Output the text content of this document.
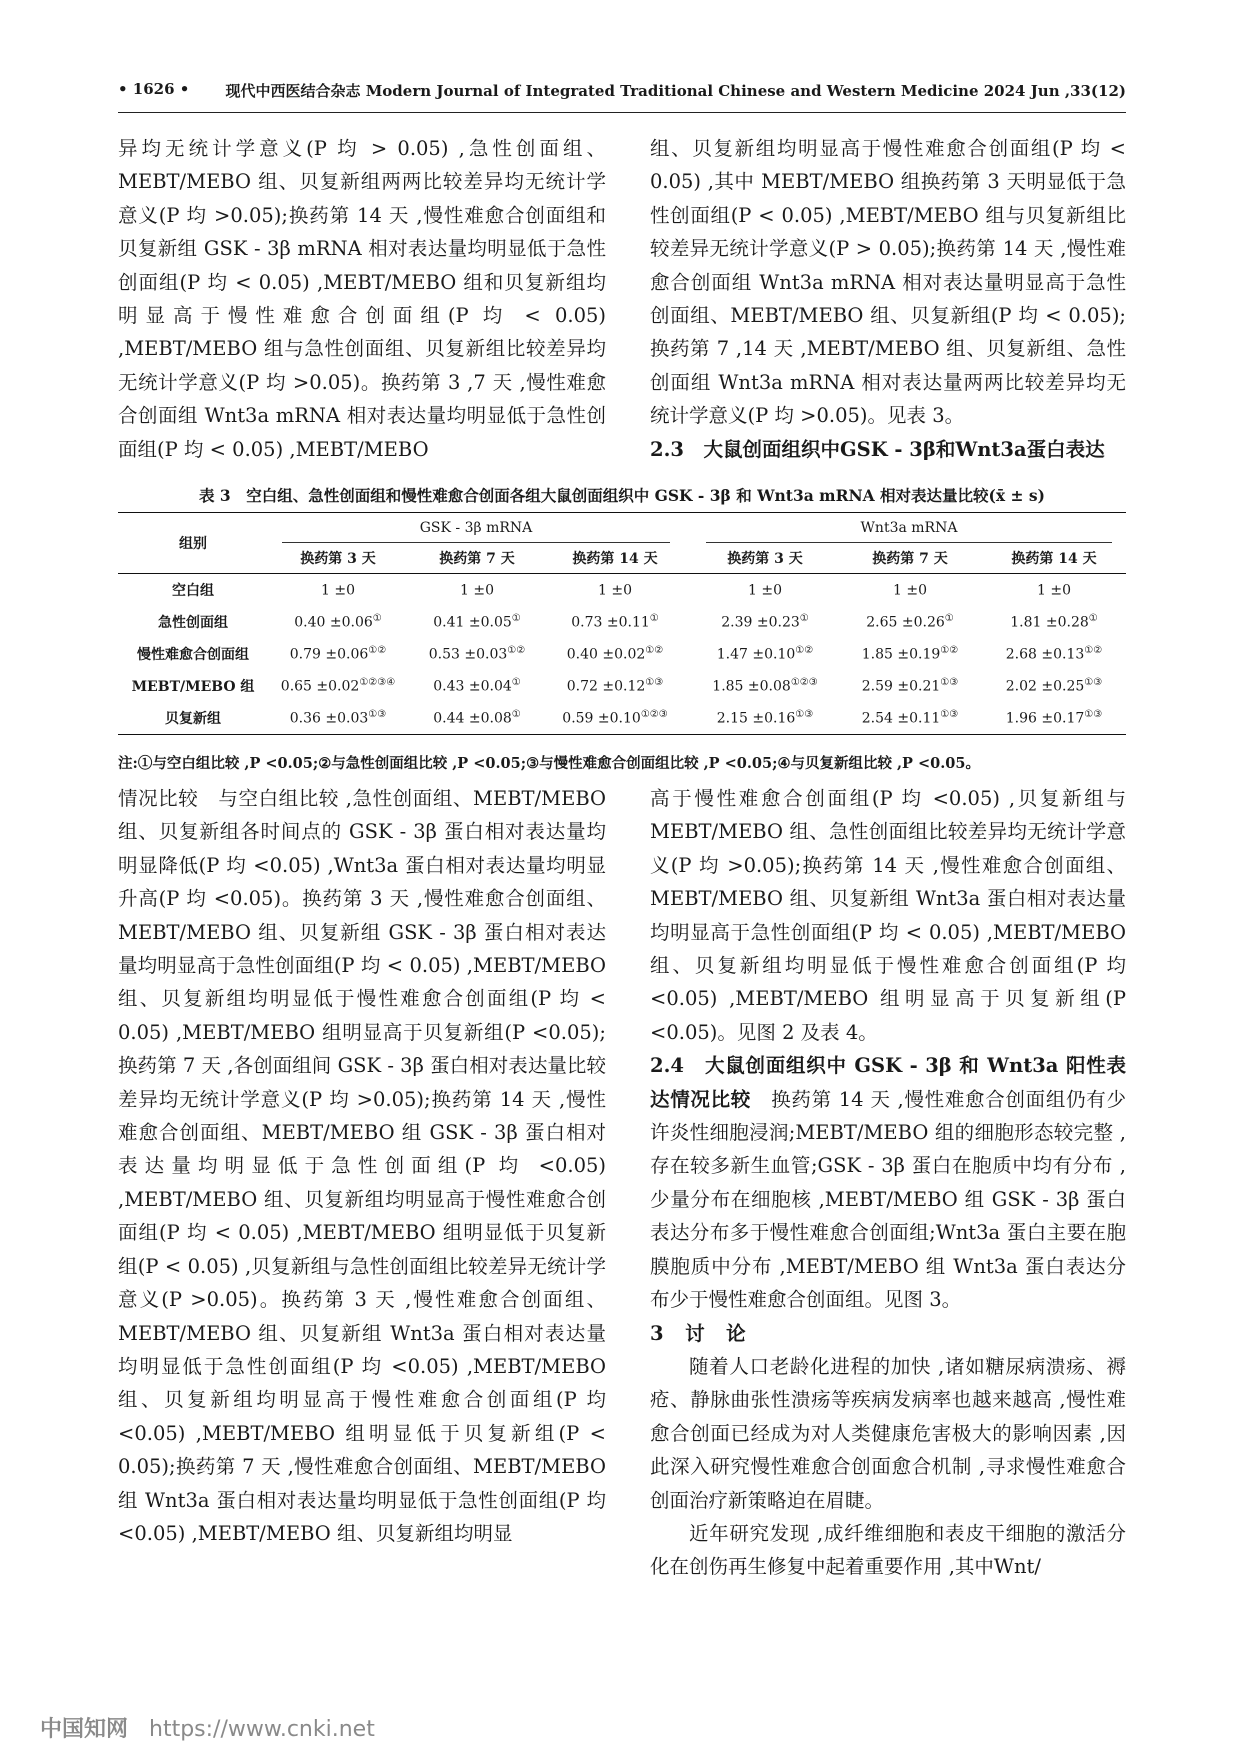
• 1626 • 现代中西医结合杂志 Modern Journal of Integrated Traditional Chinese and Western Medicine 2024 Jun ,33(12)

异均无统计学意义(P 均 > 0.05) ,急性创面组、MEBT/MEBO 组、贝复新组两两比较差异均无统计学意义(P 均 >0.05);换药第 14 天 ,慢性难愈合创面组和贝复新组 GSK - 3β mRNA 相对表达量均明显低于急性创面组(P 均 < 0.05) ,MEBT/MEBO 组和贝复新组均明显高于慢性难愈合创面组(P 均 < 0.05) ,MEBT/MEBO 组与急性创面组、贝复新组比较差异均无统计学意义(P 均 >0.05)。换药第 3 ,7 天 ,慢性难愈合创面组 Wnt3a mRNA 相对表达量均明显低于急性创面组(P 均 < 0.05) ,MEBT/MEBO

组、贝复新组均明显高于慢性难愈合创面组(P 均 < 0.05) ,其中 MEBT/MEBO 组换药第 3 天明显低于急性创面组(P < 0.05) ,MEBT/MEBO 组与贝复新组比较差异无统计学意义(P > 0.05);换药第 14 天 ,慢性难愈合创面组 Wnt3a mRNA 相对表达量明显高于急性创面组、MEBT/MEBO 组、贝复新组(P 均 < 0.05);换药第 7 ,14 天 ,MEBT/MEBO 组、贝复新组、急性创面组 Wnt3a mRNA 相对表达量两两比较差异均无统计学意义(P 均 >0.05)。见表 3。

2.3　 大鼠创面组织中GSK - 3β和Wnt3a蛋白表达

表 3　空白组、急性创面组和慢性难愈合创面各组大鼠创面组织中 GSK - 3β 和 Wnt3a mRNA 相对表达量比较(x̄ ± s)
组别	GSK - 3β mRNA				Wnt3a mRNA		

	换药第 3 天	换药第 7 天	换药第 14 天		换药第 3 天	换药第 7 天	换药第 14 天
空白组	1 ±0	1 ±0	1 ±0		1 ±0	1 ±0	1 ±0
急性创面组	0.40 ±0.06①	0.41 ±0.05①	0.73 ±0.11①		2.39 ±0.23①	2.65 ±0.26①	1.81 ±0.28①
慢性难愈合创面组	0.79 ±0.06①②	0.53 ±0.03①②	0.40 ±0.02①②		1.47 ±0.10①②	1.85 ±0.19①②	2.68 ±0.13①②
MEBT/MEBO 组	0.65 ±0.02①②③④	0.43 ±0.04①	0.72 ±0.12①③		1.85 ±0.08①②③	2.59 ±0.21①③	2.02 ±0.25①③
贝复新组	0.36 ±0.03①③	0.44 ±0.08①	0.59 ±0.10①②③		2.15 ±0.16①③	2.54 ±0.11①③	1.96 ±0.17①③
注:①与空白组比较 ,P <0.05;②与急性创面组比较 ,P <0.05;③与慢性难愈合创面组比较 ,P <0.05;④与贝复新组比较 ,P <0.05。

情况比较　与空白组比较 ,急性创面组、MEBT/MEBO 组、贝复新组各时间点的 GSK - 3β 蛋白相对表达量均明显降低(P 均 <0.05) ,Wnt3a 蛋白相对表达量均明显升高(P 均 <0.05)。换药第 3 天 ,慢性难愈合创面组、MEBT/MEBO 组、贝复新组 GSK - 3β 蛋白相对表达量均明显高于急性创面组(P 均 < 0.05) ,MEBT/MEBO 组、贝复新组均明显低于慢性难愈合创面组(P 均 < 0.05) ,MEBT/MEBO 组明显高于贝复新组(P <0.05);换药第 7 天 ,各创面组间 GSK - 3β 蛋白相对表达量比较差异均无统计学意义(P 均 >0.05);换药第 14 天 ,慢性难愈合创面组、MEBT/MEBO 组 GSK - 3β 蛋白相对表达量均明显低于急性创面组(P 均 <0.05) ,MEBT/MEBO 组、贝复新组均明显高于慢性难愈合创面组(P 均 < 0.05) ,MEBT/MEBO 组明显低于贝复新组(P < 0.05) ,贝复新组与急性创面组比较差异无统计学意义(P >0.05)。换药第 3 天 ,慢性难愈合创面组、MEBT/MEBO 组、贝复新组 Wnt3a 蛋白相对表达量均明显低于急性创面组(P 均 <0.05) ,MEBT/MEBO 组、贝复新组均明显高于慢性难愈合创面组(P 均 <0.05) ,MEBT/MEBO 组明显低于贝复新组(P < 0.05);换药第 7 天 ,慢性难愈合创面组、MEBT/MEBO 组 Wnt3a 蛋白相对表达量均明显低于急性创面组(P 均 <0.05) ,MEBT/MEBO 组、贝复新组均明显

高于慢性难愈合创面组(P 均 <0.05) ,贝复新组与 MEBT/MEBO 组、急性创面组比较差异均无统计学意义(P 均 >0.05);换药第 14 天 ,慢性难愈合创面组、MEBT/MEBO 组、贝复新组 Wnt3a 蛋白相对表达量均明显高于急性创面组(P 均 < 0.05) ,MEBT/MEBO 组、贝复新组均明显低于慢性难愈合创面组(P 均 <0.05) ,MEBT/MEBO 组明显高于贝复新组(P <0.05)。见图 2 及表 4。

2.4　 大鼠创面组织中 GSK - 3β 和 Wnt3a 阳性表达情况比较　 换药第 14 天 ,慢性难愈合创面组仍有少许炎性细胞浸润;MEBT/MEBO 组的细胞形态较完整 ,存在较多新生血管;GSK - 3β 蛋白在胞质中均有分布 ,少量分布在细胞核 ,MEBT/MEBO 组 GSK - 3β 蛋白表达分布多于慢性难愈合创面组;Wnt3a 蛋白主要在胞膜胞质中分布 ,MEBT/MEBO 组 Wnt3a 蛋白表达分布少于慢性难愈合创面组。见图 3。

3　 讨　论

随着人口老龄化进程的加快 ,诸如糖尿病溃疡、褥疮、静脉曲张性溃疡等疾病发病率也越来越高 ,慢性难愈合创面已经成为对人类健康危害极大的影响因素 ,因此深入研究慢性难愈合创面愈合机制 ,寻求慢性难愈合创面治疗新策略迫在眉睫。

近年研究发现 ,成纤维细胞和表皮干细胞的激活分化在创伤再生修复中起着重要作用 ,其中Wnt/

中国知网 https://www.cnki.net
